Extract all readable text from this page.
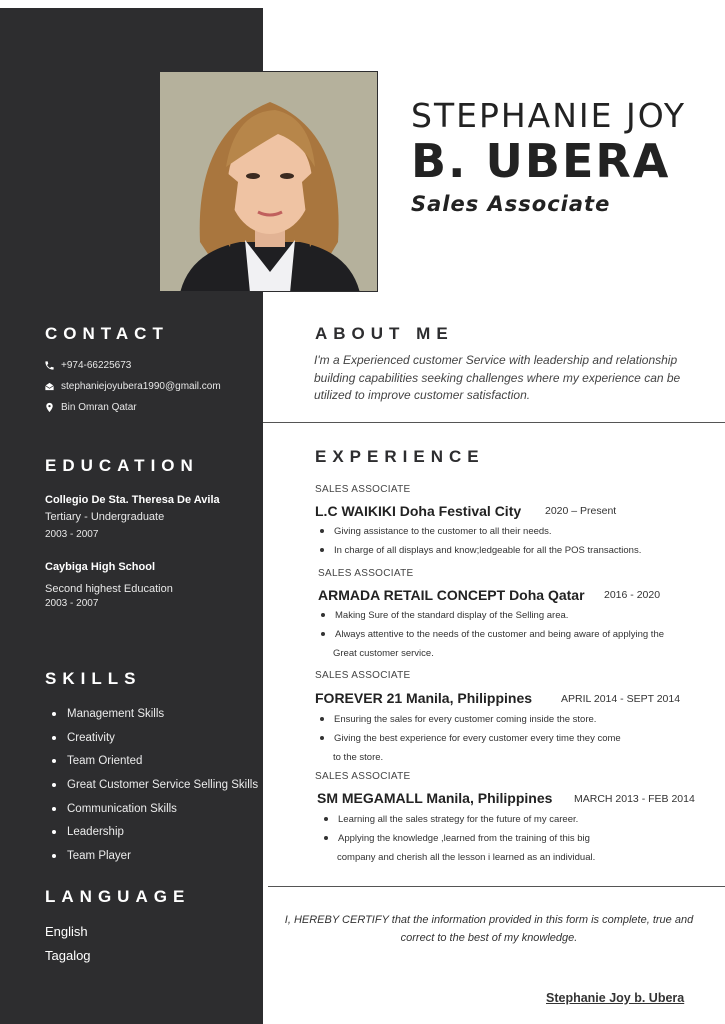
STEPHANIE JOY
B. UBERA
Sales Associate
CONTACT
+974-66225673
stephaniejoyubera1990@gmail.com
Bin Omran Qatar
EDUCATION
Collegio De Sta. Theresa De Avila
Tertiary - Undergraduate
2003 - 2007
Caybiga High School
Second highest Education
2003 - 2007
SKILLS
Management Skills
Creativity
Team Oriented
Great Customer Service Selling Skills
Communication Skills
Leadership
Team Player
LANGUAGE
English
Tagalog
ABOUT ME
I'm a Experienced customer Service with leadership and relationship building capabilities seeking challenges where my experience can be utilized to improve customer satisfaction.
EXPERIENCE
SALES ASSOCIATE
L.C WAIKIKI Doha Festival City 2020 – Present
Giving assistance to the customer to all their needs.
In charge of all displays and know;ledgeable for all the POS transactions.
SALES ASSOCIATE
ARMADA RETAIL CONCEPT Doha Qatar 2016 - 2020
Making Sure of the standard display of the Selling area.
Always attentive to the needs of the customer and being aware of applying the
Great customer service.
SALES ASSOCIATE
FOREVER 21 Manila, Philippines	APRIL 2014 - SEPT 2014
Ensuring the sales for every customer coming inside the store.
Giving the best experience for every customer every time they come
to the store.
SALES ASSOCIATE
SM MEGAMALL Manila, Philippines MARCH 2013 - FEB 2014
Learning all the sales strategy for the future of my career.
Applying the knowledge ,learned from the training of this big
company and cherish all the lesson i learned as an individual.
I, HEREBY CERTIFY that the information provided in this form is complete, true and correct to the best of my knowledge.
Stephanie Joy b. Ubera
